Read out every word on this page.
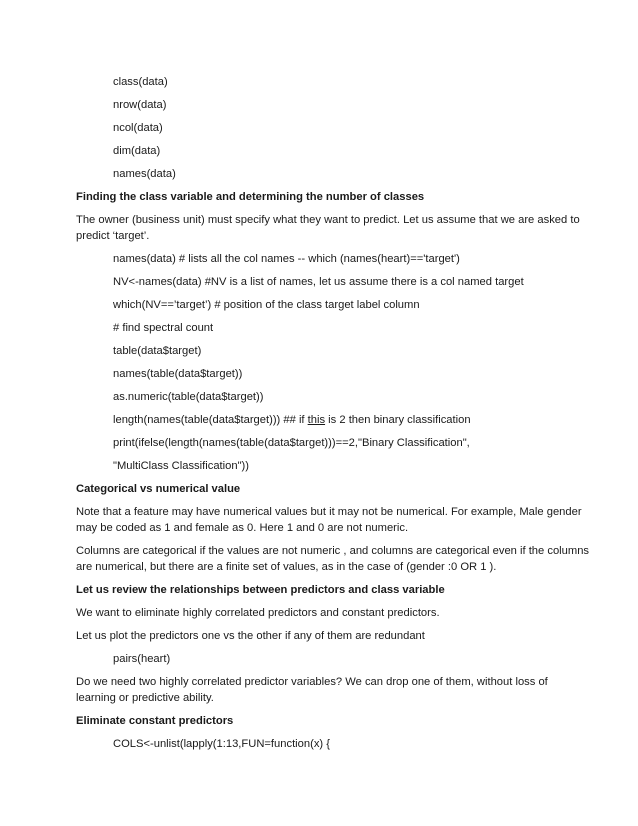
class(data)
nrow(data)
ncol(data)
dim(data)
names(data)
Finding the class variable and determining the number of classes
The owner (business unit) must specify what they want to predict. Let us assume that we are asked to
predict ‘target’.
names(data) # lists all the col names -- which (names(heart)=='target')
NV<-names(data) #NV is a list of names, let us assume there is a col named target
which(NV==’target’) # position of the class target label column
# find spectral count
table(data$target)
names(table(data$target))
as.numeric(table(data$target))
length(names(table(data$target))) ## if this is 2 then binary classification
print(ifelse(length(names(table(data$target)))==2,"Binary Classification",
"MultiClass Classification"))
Categorical vs numerical value
Note that a feature may have numerical values but it may not be numerical. For example, Male gender
may be coded as 1 and female as 0. Here 1 and 0 are not numeric.
Columns are categorical if the values are not numeric , and columns are categorical even if the columns
are numerical, but there are a finite set of values, as in the case of (gender :0 OR 1 ).
Let us review the relationships between predictors and class variable
We want to eliminate highly correlated predictors and constant predictors.
Let us plot the predictors one vs the other if any of them are redundant
pairs(heart)
Do we need two highly correlated predictor variables? We can drop one of them, without loss of
learning or predictive ability.
Eliminate constant predictors
COLS<-unlist(lapply(1:13,FUN=function(x) {
